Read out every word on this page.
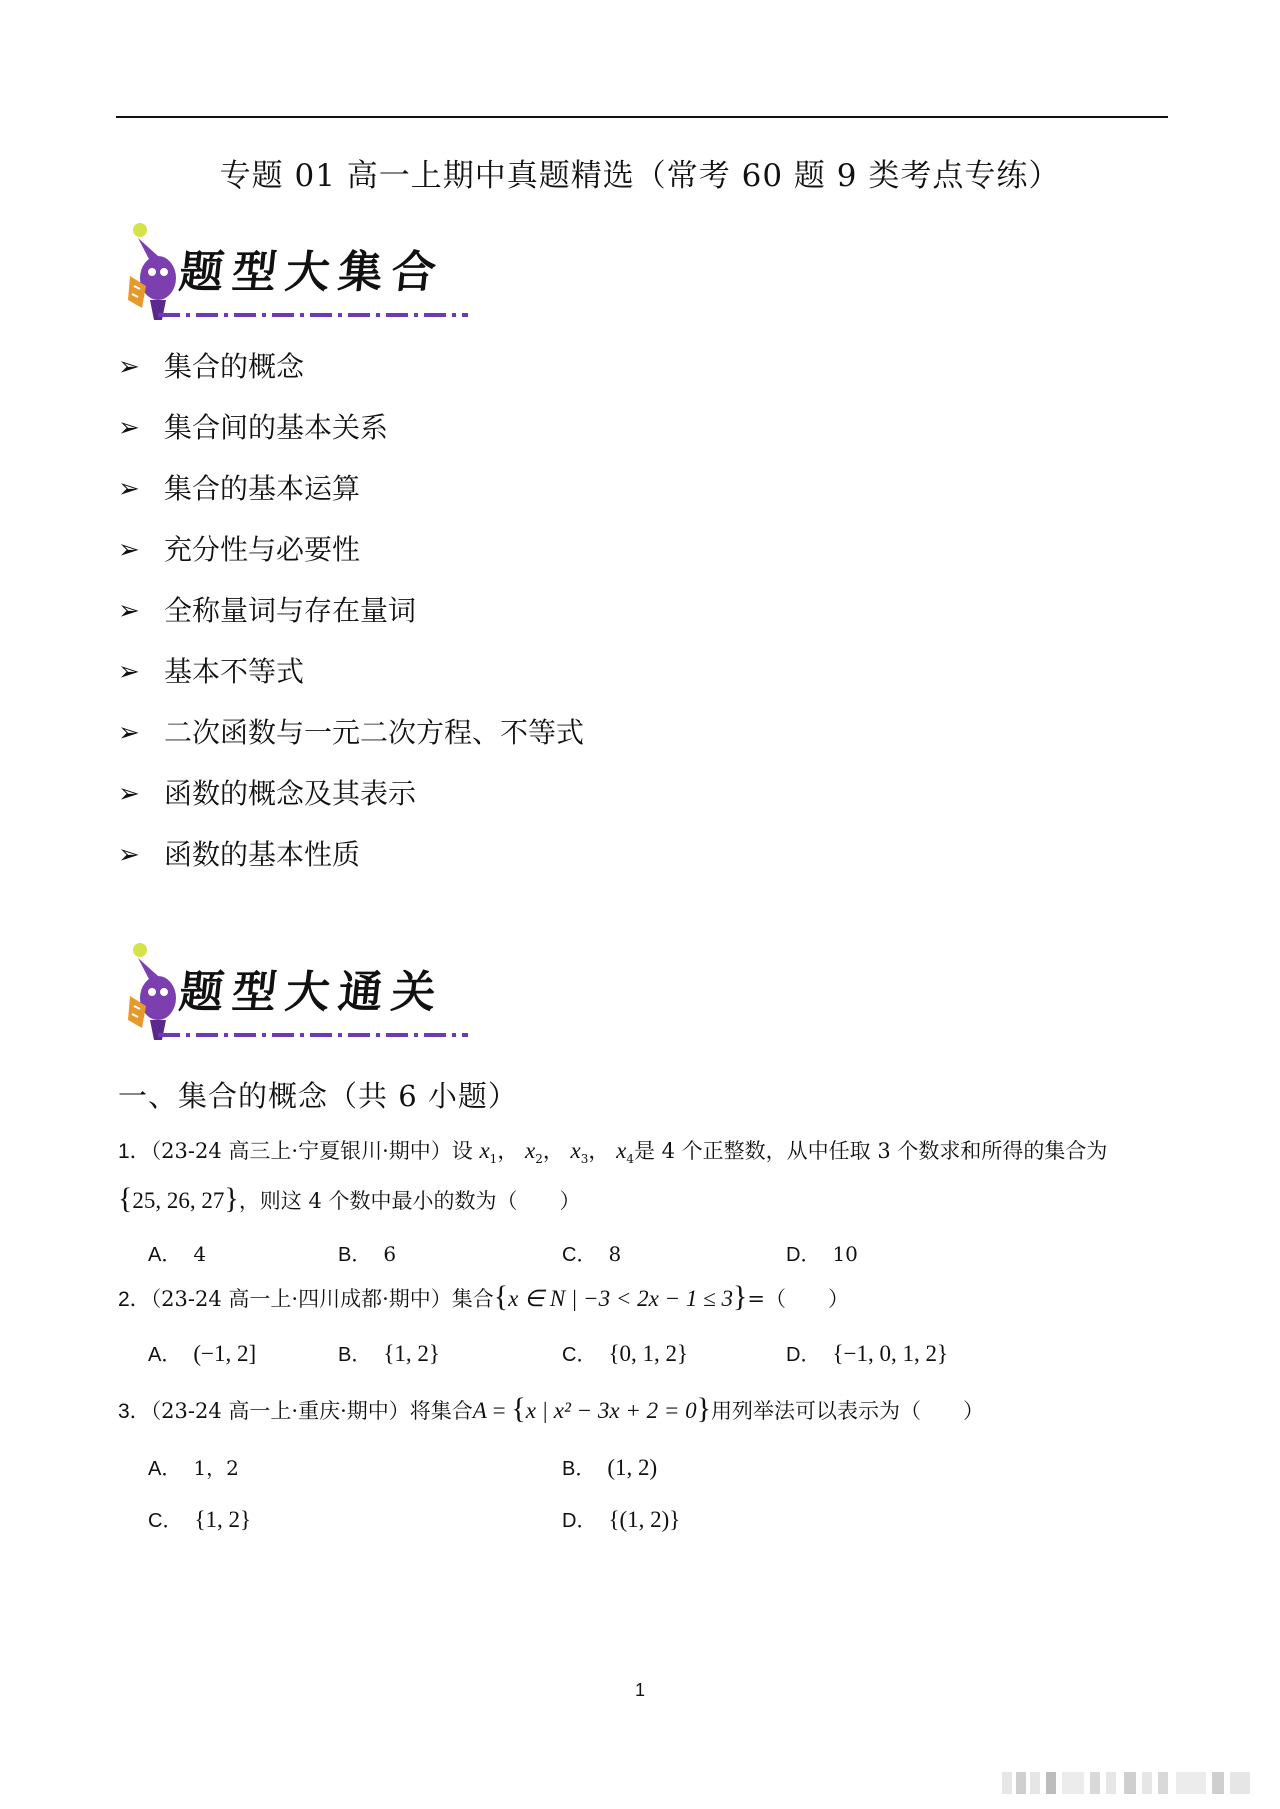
专题 01 高一上期中真题精选（常考 60 题 9 类考点专练）
题型大集合
➢ 集合的概念
➢ 集合间的基本关系
➢ 集合的基本运算
➢ 充分性与必要性
➢ 全称量词与存在量词
➢ 基本不等式
➢ 二次函数与一元二次方程、不等式
➢ 函数的概念及其表示
➢ 函数的基本性质
题型大通关
一、集合的概念（共 6 小题）
1．（23-24 高三上·宁夏银川·期中）设 $x_1$， $x_2$， $x_3$， $x_4$是 4 个正整数，从中任取 3 个数求和所得的集合为
{25, 26, 27}，则这 4 个数中最小的数为（　　）
A． 4	B． 6	C． 8	D． 10
2．（23-24 高一上·四川成都·期中）集合{x ∈ N | −3 < 2x − 1 ≤ 3}=（　　）
A． (−1, 2]	B． {1, 2}	C． {0, 1, 2}	D． {−1, 0, 1, 2}
3．（23-24 高一上·重庆·期中）将集合A = {x | x² − 3x + 2 = 0}用列举法可以表示为（　　）
A． 1，2	B． (1, 2)
C． {1, 2}	D． {(1, 2)}
1
